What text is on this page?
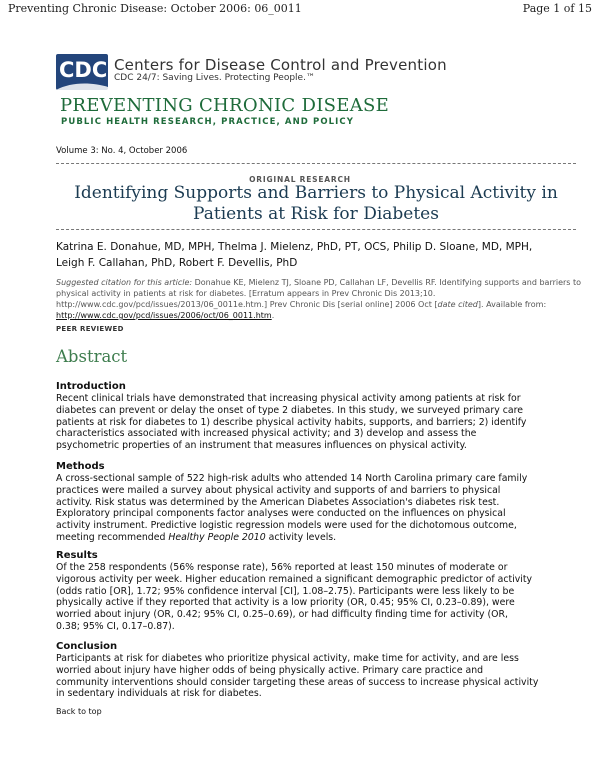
Preventing Chronic Disease: October 2006: 06_0011	Page 1 of 15
CDC Centers for Disease Control and Prevention
CDC 24/7: Saving Lives. Protecting People.™
PREVENTING CHRONIC DISEASE
PUBLIC HEALTH RESEARCH, PRACTICE, AND POLICY
Volume 3: No. 4, October 2006
ORIGINAL RESEARCH
Identifying Supports and Barriers to Physical Activity in
Patients at Risk for Diabetes
Katrina E. Donahue, MD, MPH, Thelma J. Mielenz, PhD, PT, OCS, Philip D. Sloane, MD, MPH,
Leigh F. Callahan, PhD, Robert F. Devellis, PhD
Suggested citation for this article: Donahue KE, Mielenz TJ, Sloane PD, Callahan LF, Devellis RF. Identifying supports and barriers to physical activity in patients at risk for diabetes. [Erratum appears in Prev Chronic Dis 2013;10. http://www.cdc.gov/pcd/issues/2013/06_0011e.htm.] Prev Chronic Dis [serial online] 2006 Oct [date cited]. Available from: http://www.cdc.gov/pcd/issues/2006/oct/06_0011.htm.
PEER REVIEWED
Abstract
Introduction

Recent clinical trials have demonstrated that increasing physical activity among patients at risk for
diabetes can prevent or delay the onset of type 2 diabetes. In this study, we surveyed primary care
patients at risk for diabetes to 1) describe physical activity habits, supports, and barriers; 2) identify
characteristics associated with increased physical activity; and 3) develop and assess the
psychometric properties of an instrument that measures influences on physical activity.

Methods

A cross-sectional sample of 522 high-risk adults who attended 14 North Carolina primary care family
practices were mailed a survey about physical activity and supports of and barriers to physical
activity. Risk status was determined by the American Diabetes Association's diabetes risk test.
Exploratory principal components factor analyses were conducted on the influences on physical
activity instrument. Predictive logistic regression models were used for the dichotomous outcome,
meeting recommended Healthy People 2010 activity levels.

Results

Of the 258 respondents (56% response rate), 56% reported at least 150 minutes of moderate or
vigorous activity per week. Higher education remained a significant demographic predictor of activity
(odds ratio [OR], 1.72; 95% confidence interval [CI], 1.08–2.75). Participants were less likely to be
physically active if they reported that activity is a low priority (OR, 0.45; 95% CI, 0.23–0.89), were
worried about injury (OR, 0.42; 95% CI, 0.25–0.69), or had difficulty finding time for activity (OR,
0.38; 95% CI, 0.17–0.87).

Conclusion

Participants at risk for diabetes who prioritize physical activity, make time for activity, and are less
worried about injury have higher odds of being physically active. Primary care practice and
community interventions should consider targeting these areas of success to increase physical activity
in sedentary individuals at risk for diabetes.

Back to top
